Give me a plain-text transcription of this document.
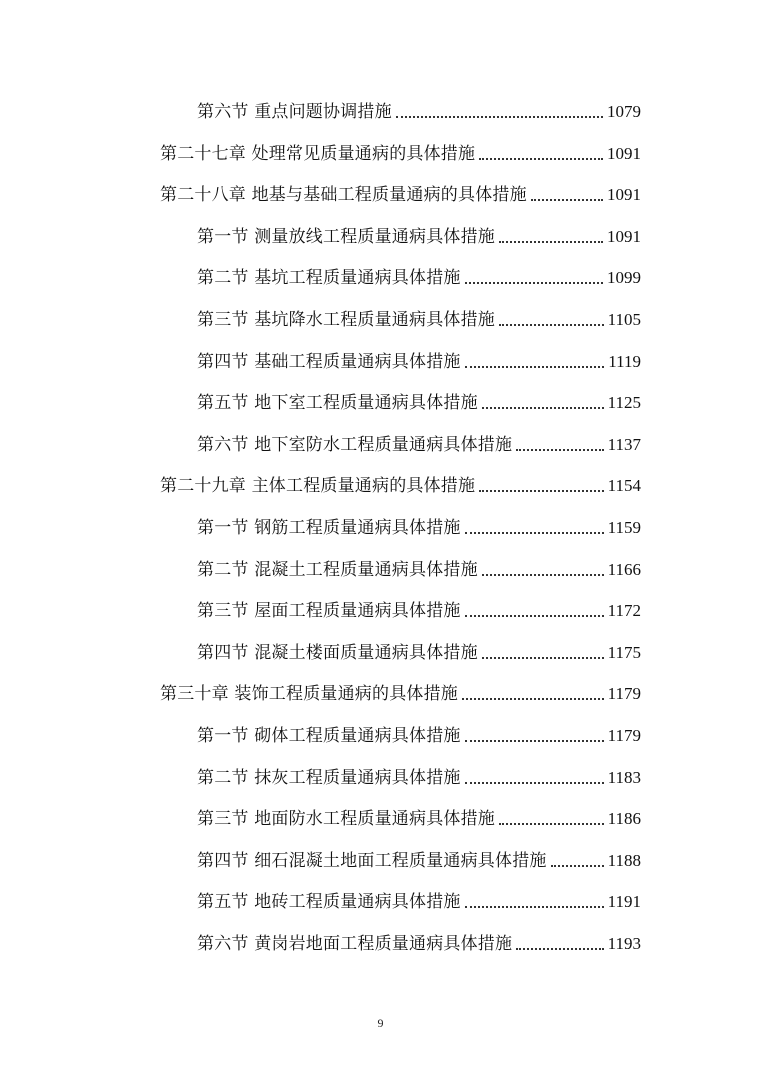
第六节 重点问题协调措施	1079
第二十七章 处理常见质量通病的具体措施	1091
第二十八章 地基与基础工程质量通病的具体措施	1091
第一节 测量放线工程质量通病具体措施	1091
第二节 基坑工程质量通病具体措施	1099
第三节 基坑降水工程质量通病具体措施	1105
第四节 基础工程质量通病具体措施	1119
第五节 地下室工程质量通病具体措施	1125
第六节 地下室防水工程质量通病具体措施	1137
第二十九章 主体工程质量通病的具体措施	1154
第一节 钢筋工程质量通病具体措施	1159
第二节 混凝土工程质量通病具体措施	1166
第三节 屋面工程质量通病具体措施	1172
第四节 混凝土楼面质量通病具体措施	1175
第三十章 装饰工程质量通病的具体措施	1179
第一节 砌体工程质量通病具体措施	1179
第二节 抹灰工程质量通病具体措施	1183
第三节 地面防水工程质量通病具体措施	1186
第四节 细石混凝土地面工程质量通病具体措施	1188
第五节 地砖工程质量通病具体措施	1191
第六节 黄岗岩地面工程质量通病具体措施	1193
9
